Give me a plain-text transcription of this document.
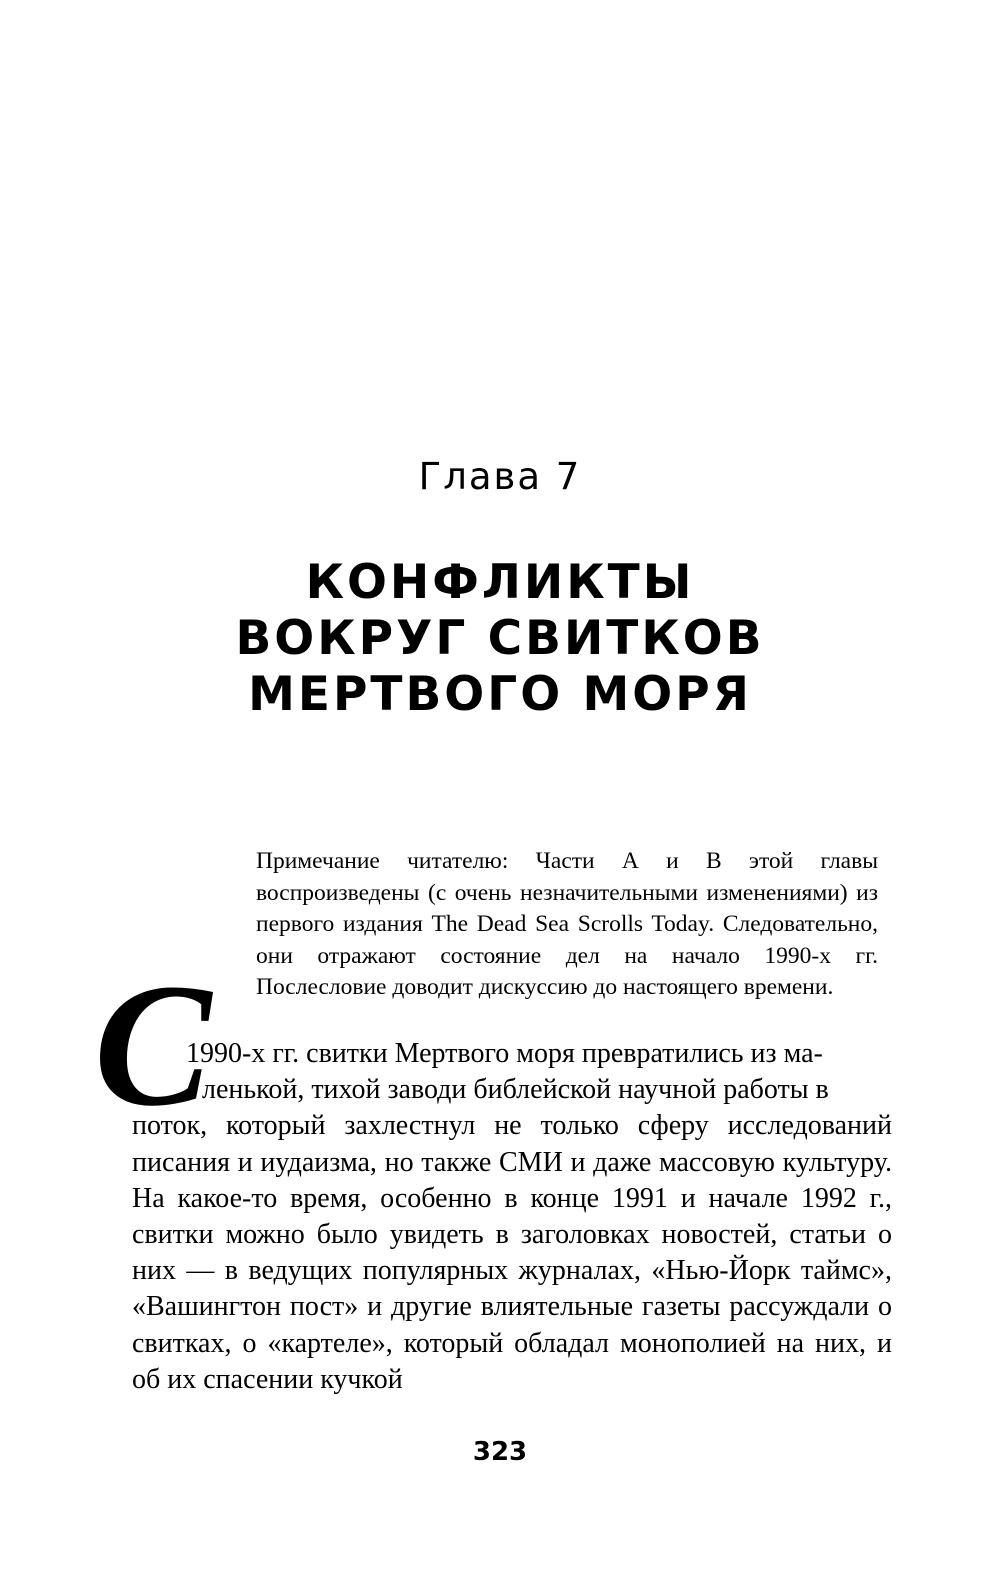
Глава 7
КОНФЛИКТЫ
ВОКРУГ СВИТКОВ
МЕРТВОГО МОРЯ
Примечание читателю: Части А и В этой главы воспроизведены (с очень незначительными изменениями) из первого издания The Dead Sea Scrolls Today. Следовательно, они отражают состояние дел на начало 1990-х гг. Послесловие доводит дискуссию до настоящего времени.
С
1990-х гг. свитки Мертвого моря превратились из ма-
ленькой, тихой заводи библейской научной работы в
поток, который захлестнул не только сферу исследований писания и иудаизма, но также СМИ и даже массовую культуру. На какое-то время, особенно в конце 1991 и начале 1992 г., свитки можно было увидеть в заголовках новостей, статьи о них — в ведущих популярных журналах, «Нью-Йорк таймс», «Вашингтон пост» и другие влиятельные газеты рассуждали о свитках, о «картеле», который обладал монополией на них, и об их спасении кучкой
323
